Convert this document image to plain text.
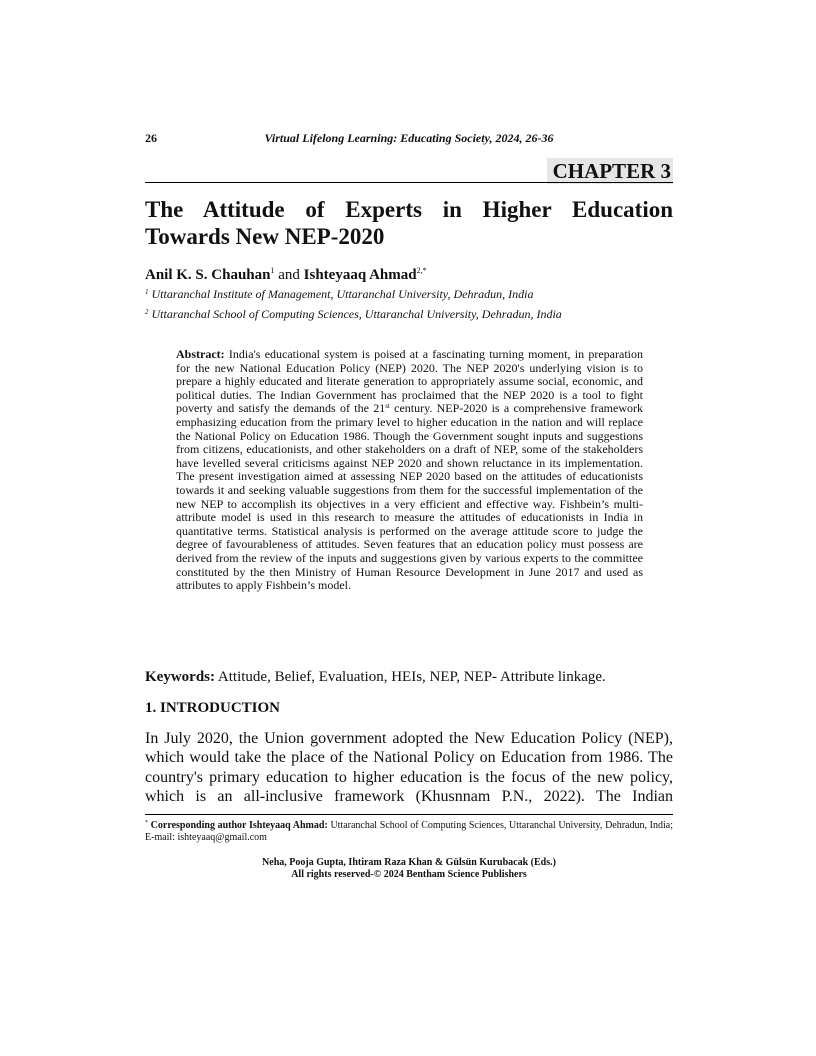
26	Virtual Lifelong Learning: Educating Society, 2024, 26-36
CHAPTER 3
The Attitude of Experts in Higher Education
Towards New NEP-2020
Anil K. S. Chauhan$^1$ and Ishteyaaq Ahmad$^{2,*}$
$^1$ Uttaranchal Institute of Management, Uttaranchal University, Dehradun, India
$^2$ Uttaranchal School of Computing Sciences, Uttaranchal University, Dehradun, India

Abstract: India's educational system is poised at a fascinating turning moment, in preparation for the new National Education Policy (NEP) 2020. The NEP 2020's underlying vision is to prepare a highly educated and literate generation to appropriately assume social, economic, and political duties. The Indian Government has proclaimed that the NEP 2020 is a tool to fight poverty and satisfy the demands of the 21st century. NEP-2020 is a comprehensive framework emphasizing education from the primary level to higher education in the nation and will replace the National Policy on Education 1986. Though the Government sought inputs and suggestions from citizens, educationists, and other stakeholders on a draft of NEP, some of the stakeholders have levelled several criticisms against NEP 2020 and shown reluctance in its implementation. The present investigation aimed at assessing NEP 2020 based on the attitudes of educationists towards it and seeking valuable suggestions from them for the successful implementation of the new NEP to accomplish its objectives in a very efficient and effective way. Fishbein’s multi-attribute model is used in this research to measure the attitudes of educationists in India in quantitative terms. Statistical analysis is performed on the average attitude score to judge the degree of favourableness of attitudes. Seven features that an education policy must possess are derived from the review of the inputs and suggestions given by various experts to the committee constituted by the then Ministry of Human Resource Development in June 2017 and used as attributes to apply Fishbein’s model.

Keywords: Attitude, Belief, Evaluation, HEIs, NEP, NEP- Attribute linkage.
1. INTRODUCTION

In July 2020, the Union government adopted the New Education Policy (NEP), which would take the place of the National Policy on Education from 1986. The country's primary education to higher education is the focus of the new policy, which is an all-inclusive framework (Khusnnam P.N., 2022). The Indian

* Corresponding author Ishteyaaq Ahmad: Uttaranchal School of Computing Sciences, Uttaranchal University, Dehradun, India; E-mail: ishteyaaq@gmail.com

Neha, Pooja Gupta, Ihtiram Raza Khan & Gülsün Kurubacak (Eds.)
All rights reserved-© 2024 Bentham Science Publishers
